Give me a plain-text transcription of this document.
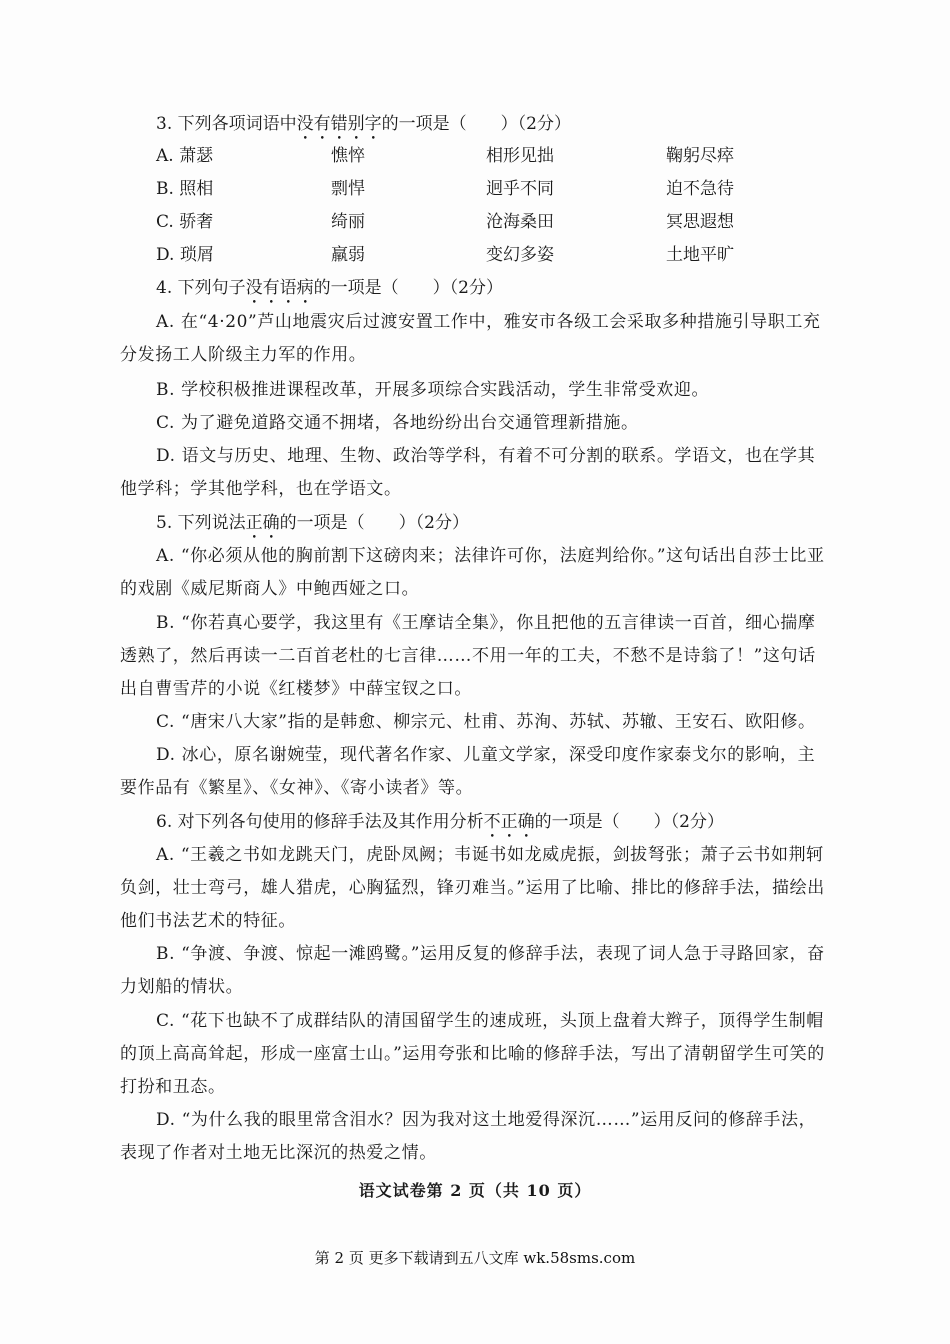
3. 下列各项词语中没有错别字的一项是（　　）（2分）

A. 萧瑟	憔悴	相形见拙	鞠躬尽瘁
B. 照相	剽悍	迥乎不同	迫不急待
C. 骄奢	绮丽	沧海桑田	冥思遐想
D. 琐屑	羸弱	变幻多姿	土地平旷

4. 下列句子没有语病的一项是（　　）（2分）

A. 在“4·20”芦山地震灾后过渡安置工作中，雅安市各级工会采取多种措施引导职工充分发扬工人阶级主力军的作用。

B. 学校积极推进课程改革，开展多项综合实践活动，学生非常受欢迎。

C. 为了避免道路交通不拥堵，各地纷纷出台交通管理新措施。

D. 语文与历史、地理、生物、政治等学科，有着不可分割的联系。学语文，也在学其他学科；学其他学科，也在学语文。

5. 下列说法正确的一项是（　　）（2分）

A. “你必须从他的胸前割下这磅肉来；法律许可你，法庭判给你。”这句话出自莎士比亚的戏剧《威尼斯商人》中鲍西娅之口。

B. “你若真心要学，我这里有《王摩诘全集》，你且把他的五言律读一百首，细心揣摩透熟了，然后再读一二百首老杜的七言律……不用一年的工夫，不愁不是诗翁了！”这句话出自曹雪芹的小说《红楼梦》中薛宝钗之口。

C. “唐宋八大家”指的是韩愈、柳宗元、杜甫、苏洵、苏轼、苏辙、王安石、欧阳修。

D. 冰心，原名谢婉莹，现代著名作家、儿童文学家，深受印度作家泰戈尔的影响，主要作品有《繁星》、《女神》、《寄小读者》等。

6. 对下列各句使用的修辞手法及其作用分析不正确的一项是（　　）（2分）

A. “王羲之书如龙跳天门，虎卧凤阙；韦诞书如龙威虎振，剑拔弩张；萧子云书如荆轲负剑，壮士弯弓，雄人猎虎，心胸猛烈，锋刃难当。”运用了比喻、排比的修辞手法，描绘出他们书法艺术的特征。

B. “争渡、争渡、惊起一滩鸥鹭。”运用反复的修辞手法，表现了词人急于寻路回家，奋力划船的情状。

C. “花下也缺不了成群结队的清国留学生的速成班，头顶上盘着大辫子，顶得学生制帽的顶上高高耸起，形成一座富士山。”运用夸张和比喻的修辞手法，写出了清朝留学生可笑的打扮和丑态。

D. “为什么我的眼里常含泪水？因为我对这土地爱得深沉……”运用反问的修辞手法，表现了作者对土地无比深沉的热爱之情。

语文试卷第 2 页（共 10 页）
第 2 页 更多下载请到五八文库 wk.58sms.com
